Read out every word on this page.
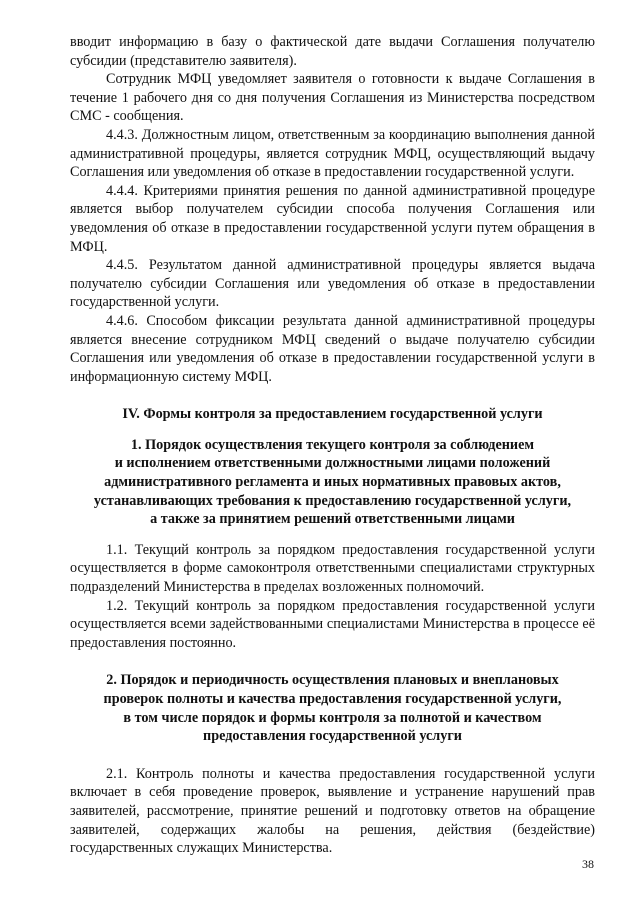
вводит информацию в базу о фактической дате выдачи Соглашения получателю субсидии (представителю заявителя).

Сотрудник МФЦ уведомляет заявителя о готовности к выдаче Соглашения в течение 1 рабочего дня со дня получения Соглашения из Министерства посредством СМС - сообщения.

4.4.3. Должностным лицом, ответственным за координацию выполнения данной административной процедуры, является сотрудник МФЦ, осуществляющий выдачу Соглашения или уведомления об отказе в предоставлении государственной услуги.

4.4.4. Критериями принятия решения по данной административной процедуре является выбор получателем субсидии способа получения Соглашения или уведомления об отказе в предоставлении государственной услуги путем обращения в МФЦ.

4.4.5. Результатом данной административной процедуры является выдача получателю субсидии Соглашения или уведомления об отказе в предоставлении государственной услуги.

4.4.6. Способом фиксации результата данной административной процедуры является внесение сотрудником МФЦ сведений о выдаче получателю субсидии Соглашения или уведомления об отказе в предоставлении государственной услуги в информационную систему МФЦ.

IV. Формы контроля за предоставлением государственной услуги

1. Порядок осуществления текущего контроля за соблюдением

и исполнением ответственными должностными лицами положений

административного регламента и иных нормативных правовых актов,

устанавливающих требования к предоставлению государственной услуги,

а также за принятием решений ответственными лицами

1.1. Текущий контроль за порядком предоставления государственной услуги осуществляется в форме самоконтроля ответственными специалистами структурных подразделений Министерства в пределах возложенных полномочий.

1.2. Текущий контроль за порядком предоставления государственной услуги осуществляется всеми задействованными специалистами Министерства в процессе её предоставления постоянно.

2. Порядок и периодичность осуществления плановых и внеплановых

проверок полноты и качества предоставления государственной услуги,

в том числе порядок и формы контроля за полнотой и качеством

предоставления государственной услуги

2.1. Контроль полноты и качества предоставления государственной услуги включает в себя проведение проверок, выявление и устранение нарушений прав заявителей, рассмотрение, принятие решений и подготовку ответов на обращение заявителей, содержащих жалобы на решения, действия (бездействие) государственных служащих Министерства.

38
